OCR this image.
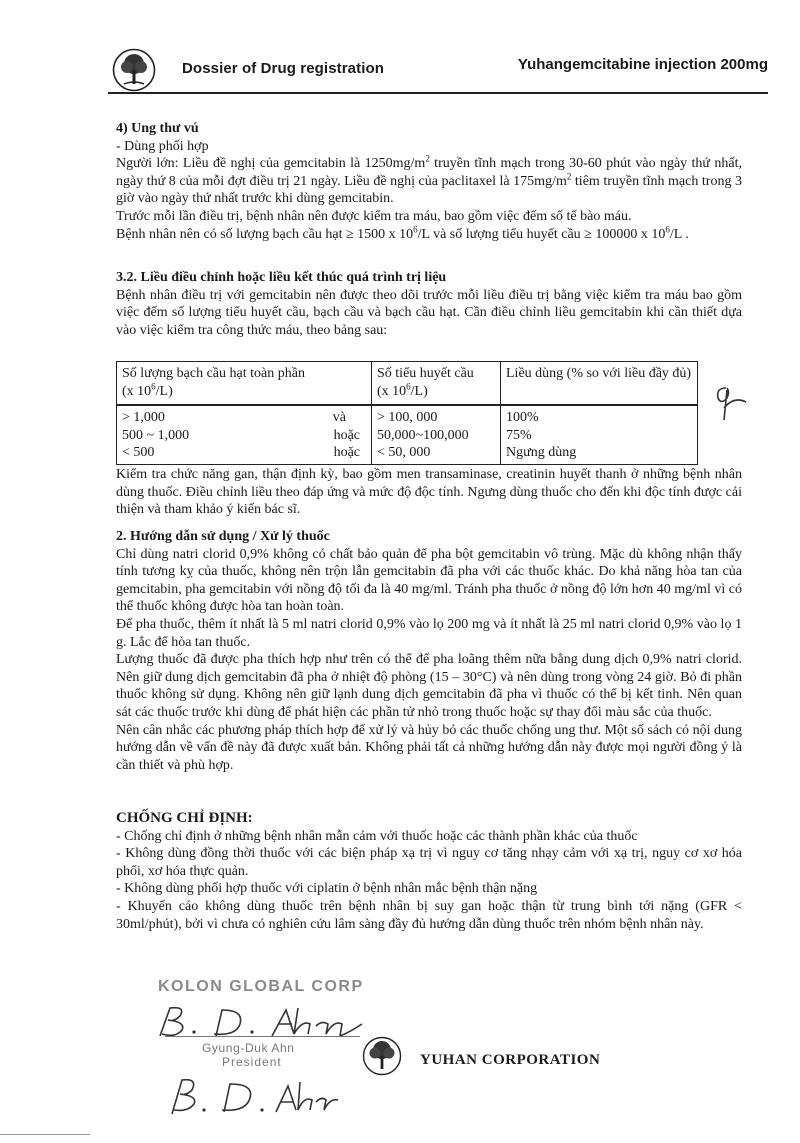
Dossier of Drug registration	Yuhangemcitabine injection 200mg

4) Ung thư vú

- Dùng phối hợp

Người lớn: Liều đề nghị của gemcitabin là $1250mg/m^2$ truyền tĩnh mạch trong 30-60 phút vào ngày thứ nhất, ngày thứ 8 của mỗi đợt điều trị 21 ngày. Liều đề nghị của paclitaxel là $175mg/m^2$ tiêm truyền tĩnh mạch trong 3 giờ vào ngày thứ nhất trước khi dùng gemcitabin.

Trước mỗi lần điều trị, bệnh nhân nên được kiểm tra máu, bao gồm việc đếm số tế bào máu.

Bệnh nhân nên có số lượng bạch cầu hạt ≥ 1500 x $10^6/L$ và số lượng tiểu huyết cầu ≥ 100000 x $10^6/L$ .

3.2. Liều điều chỉnh hoặc liều kết thúc quá trình trị liệu

Bệnh nhân điều trị với gemcitabin nên được theo dõi trước mỗi liều điều trị bằng việc kiểm tra máu bao gồm việc đếm số lượng tiểu huyết cầu, bạch cầu và bạch cầu hạt. Cần điều chỉnh liều gemcitabin khi cần thiết dựa vào việc kiểm tra công thức máu, theo bảng sau:

Số lượng bạch cầu hạt toàn phần
(x $10^6/L$)	Số tiểu huyết cầu
(x $10^6/L$)	Liều dùng (% so với liều đầy đủ)

> 1,000 và	> 100, 000	100%

500 ~ 1,000 hoặc	50,000~100,000	75%

< 500 hoặc	< 50, 000	Ngưng dùng

Kiểm tra chức năng gan, thận định kỳ, bao gồm men transaminase, creatinin huyết thanh ở những bệnh nhân dùng thuốc. Điều chỉnh liều theo đáp ứng và mức độ độc tính. Ngưng dùng thuốc cho đến khi độc tính được cải thiện và tham khảo ý kiến bác sĩ.

2. Hướng dẫn sử dụng / Xử lý thuốc

Chỉ dùng natri clorid 0,9% không có chất bảo quản để pha bột gemcitabin vô trùng. Mặc dù không nhận thấy tính tương kỵ của thuốc, không nên trộn lẫn gemcitabin đã pha với các thuốc khác. Do khả năng hòa tan của gemcitabin, pha gemcitabin với nồng độ tối đa là 40 mg/ml. Tránh pha thuốc ở nồng độ lớn hơn 40 mg/ml vì có thể thuốc không được hòa tan hoàn toàn.

Để pha thuốc, thêm ít nhất là 5 ml natri clorid 0,9% vào lọ 200 mg và ít nhất là 25 ml natri clorid 0,9% vào lọ 1 g. Lắc để hòa tan thuốc.

Lượng thuốc đã được pha thích hợp như trên có thể để pha loãng thêm nữa bằng dung dịch 0,9% natri clorid. Nên giữ dung dịch gemcitabin đã pha ở nhiệt độ phòng (15 – 30°C) và nên dùng trong vòng 24 giờ. Bỏ đi phần thuốc không sử dụng. Không nên giữ lạnh dung dịch gemcitabin đã pha vì thuốc có thể bị kết tinh. Nên quan sát các thuốc trước khi dùng để phát hiện các phần tử nhỏ trong thuốc hoặc sự thay đổi màu sắc của thuốc.

Nên cân nhắc các phương pháp thích hợp để xử lý và hủy bỏ các thuốc chống ung thư. Một số sách có nội dung hướng dẫn về vấn đề này đã được xuất bản. Không phải tất cả những hướng dẫn này được mọi người đồng ý là cần thiết và phù hợp.

CHỐNG CHỈ ĐỊNH:

- Chống chỉ định ở những bệnh nhân mẫn cảm với thuốc hoặc các thành phần khác của thuốc

- Không dùng đồng thời thuốc với các biện pháp xạ trị vì nguy cơ tăng nhạy cảm với xạ trị, nguy cơ xơ hóa phổi, xơ hóa thực quản.

- Không dùng phối hợp thuốc với ciplatin ở bệnh nhân mắc bệnh thận nặng

- Khuyến cáo không dùng thuốc trên bệnh nhân bị suy gan hoặc thận từ trung bình tới nặng (GFR < 30ml/phút), bởi vì chưa có nghiên cứu lâm sàng đầy đủ hướng dẫn dùng thuốc trên nhóm bệnh nhân này.

KOLON GLOBAL CORP
Gyung-Duk Ahn
President	YUHAN CORPORATION
